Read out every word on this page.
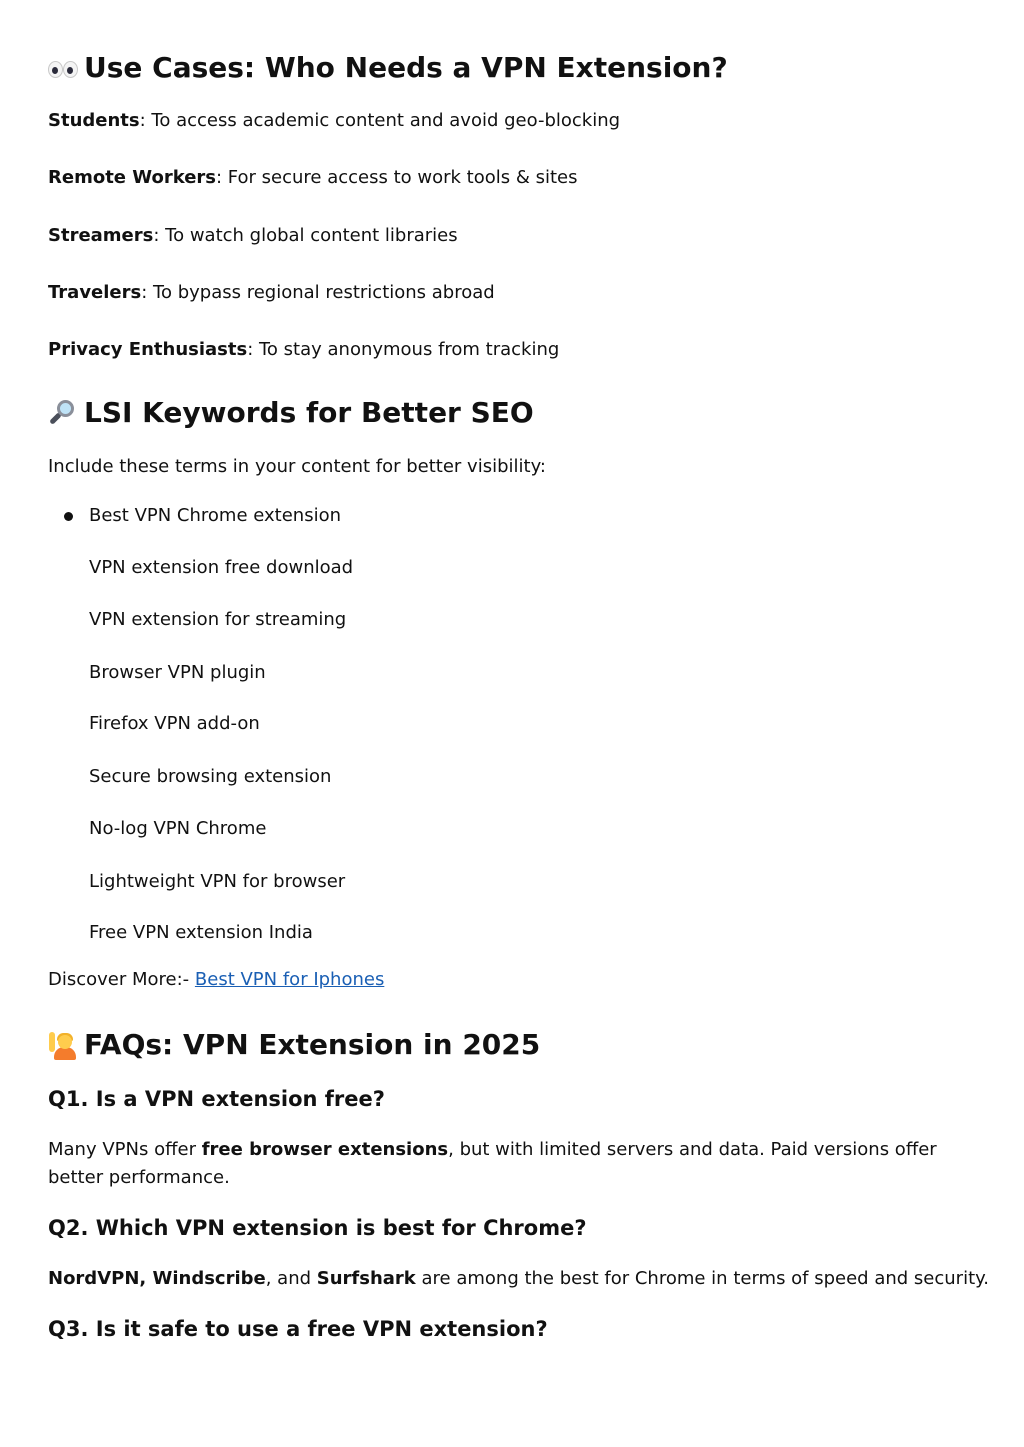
Use Cases: Who Needs a VPN Extension?
Students: To access academic content and avoid geo-blocking
Remote Workers: For secure access to work tools & sites
Streamers: To watch global content libraries
Travelers: To bypass regional restrictions abroad
Privacy Enthusiasts: To stay anonymous from tracking
LSI Keywords for Better SEO
Include these terms in your content for better visibility:
Best VPN Chrome extension
VPN extension free download
VPN extension for streaming
Browser VPN plugin
Firefox VPN add-on
Secure browsing extension
No-log VPN Chrome
Lightweight VPN for browser
Free VPN extension India
Discover More:- Best VPN for Iphones
FAQs: VPN Extension in 2025
Q1. Is a VPN extension free?
Many VPNs offer free browser extensions, but with limited servers and data. Paid versions offer better performance.
Q2. Which VPN extension is best for Chrome?
NordVPN, Windscribe, and Surfshark are among the best for Chrome in terms of speed and security.
Q3. Is it safe to use a free VPN extension?
